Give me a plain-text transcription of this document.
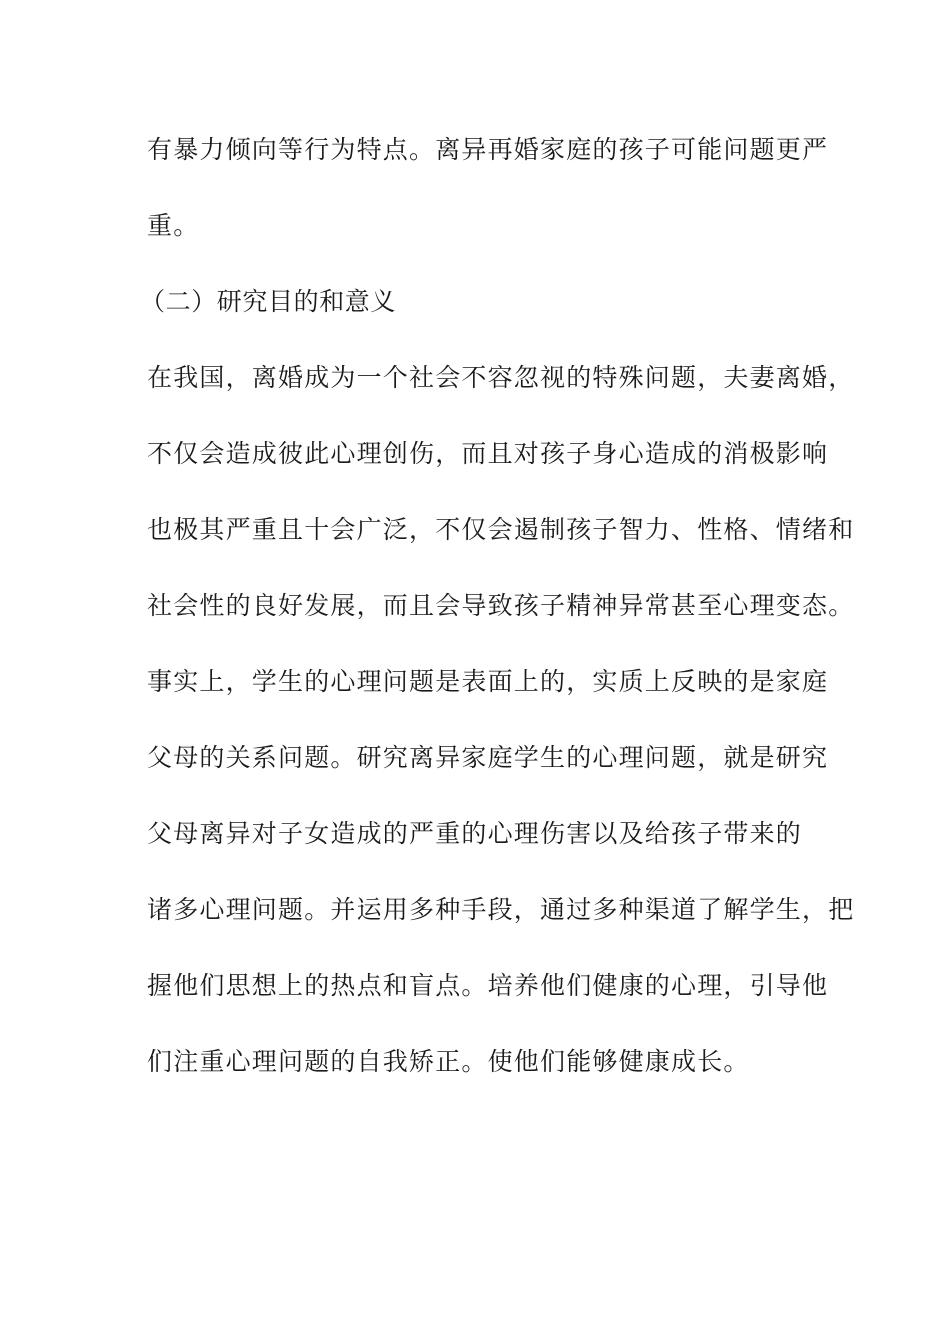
有暴力倾向等行为特点。离异再婚家庭的孩子可能问题更严
重。
（二）研究目的和意义
在我国，离婚成为一个社会不容忽视的特殊问题，夫妻离婚，
不仅会造成彼此心理创伤，而且对孩子身心造成的消极影响
也极其严重且十会广泛，不仅会遏制孩子智力、性格、情绪和
社会性的良好发展，而且会导致孩子精神异常甚至心理变态。
事实上，学生的心理问题是表面上的，实质上反映的是家庭
父母的关系问题。研究离异家庭学生的心理问题，就是研究
父母离异对子女造成的严重的心理伤害以及给孩子带来的
诸多心理问题。并运用多种手段，通过多种渠道了解学生，把
握他们思想上的热点和盲点。培养他们健康的心理，引导他
们注重心理问题的自我矫正。使他们能够健康成长。
